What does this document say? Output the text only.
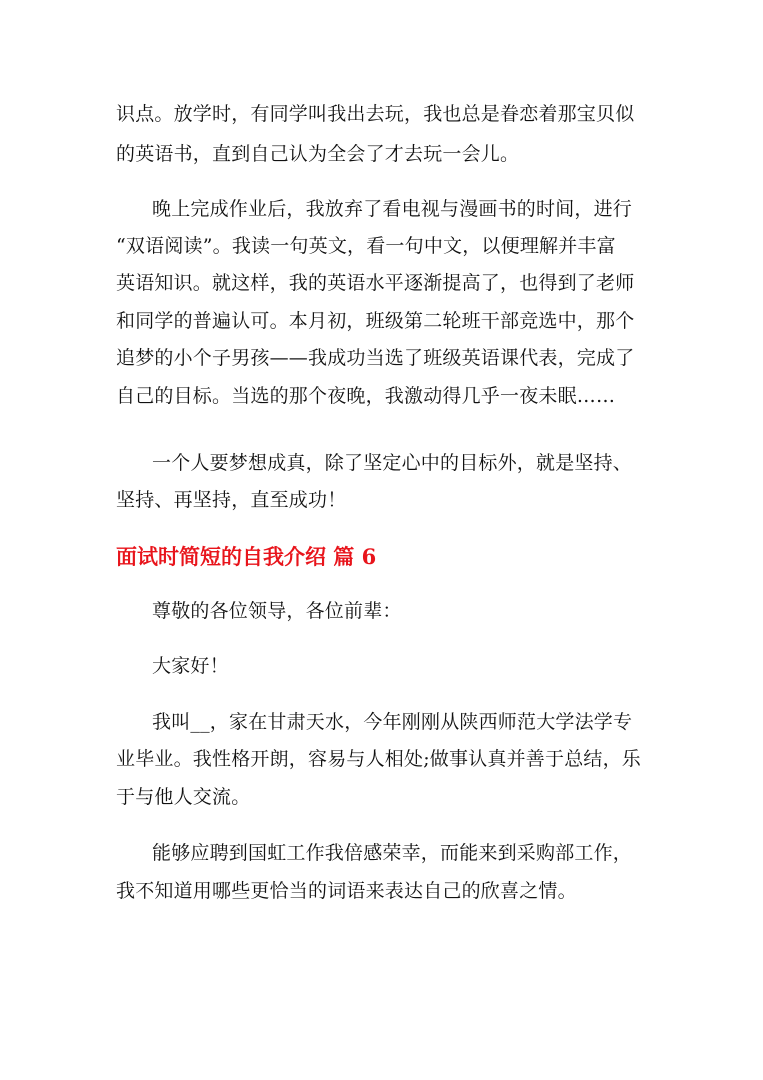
识点。放学时，有同学叫我出去玩，我也总是眷恋着那宝贝似
的英语书，直到自己认为全会了才去玩一会儿。
晚上完成作业后，我放弃了看电视与漫画书的时间，进行
“双语阅读”。我读一句英文，看一句中文，以便理解并丰富
英语知识。就这样，我的英语水平逐渐提高了，也得到了老师
和同学的普遍认可。本月初，班级第二轮班干部竞选中，那个
追梦的小个子男孩——我成功当选了班级英语课代表，完成了
自己的目标。当选的那个夜晚，我激动得几乎一夜未眠……
一个人要梦想成真，除了坚定心中的目标外，就是坚持、
坚持、再坚持，直至成功！
面试时简短的自我介绍 篇 6
尊敬的各位领导，各位前辈：
大家好！
我叫__，家在甘肃天水，今年刚刚从陕西师范大学法学专
业毕业。我性格开朗，容易与人相处;做事认真并善于总结，乐
于与他人交流。
能够应聘到国虹工作我倍感荣幸，而能来到采购部工作，
我不知道用哪些更恰当的词语来表达自己的欣喜之情。
